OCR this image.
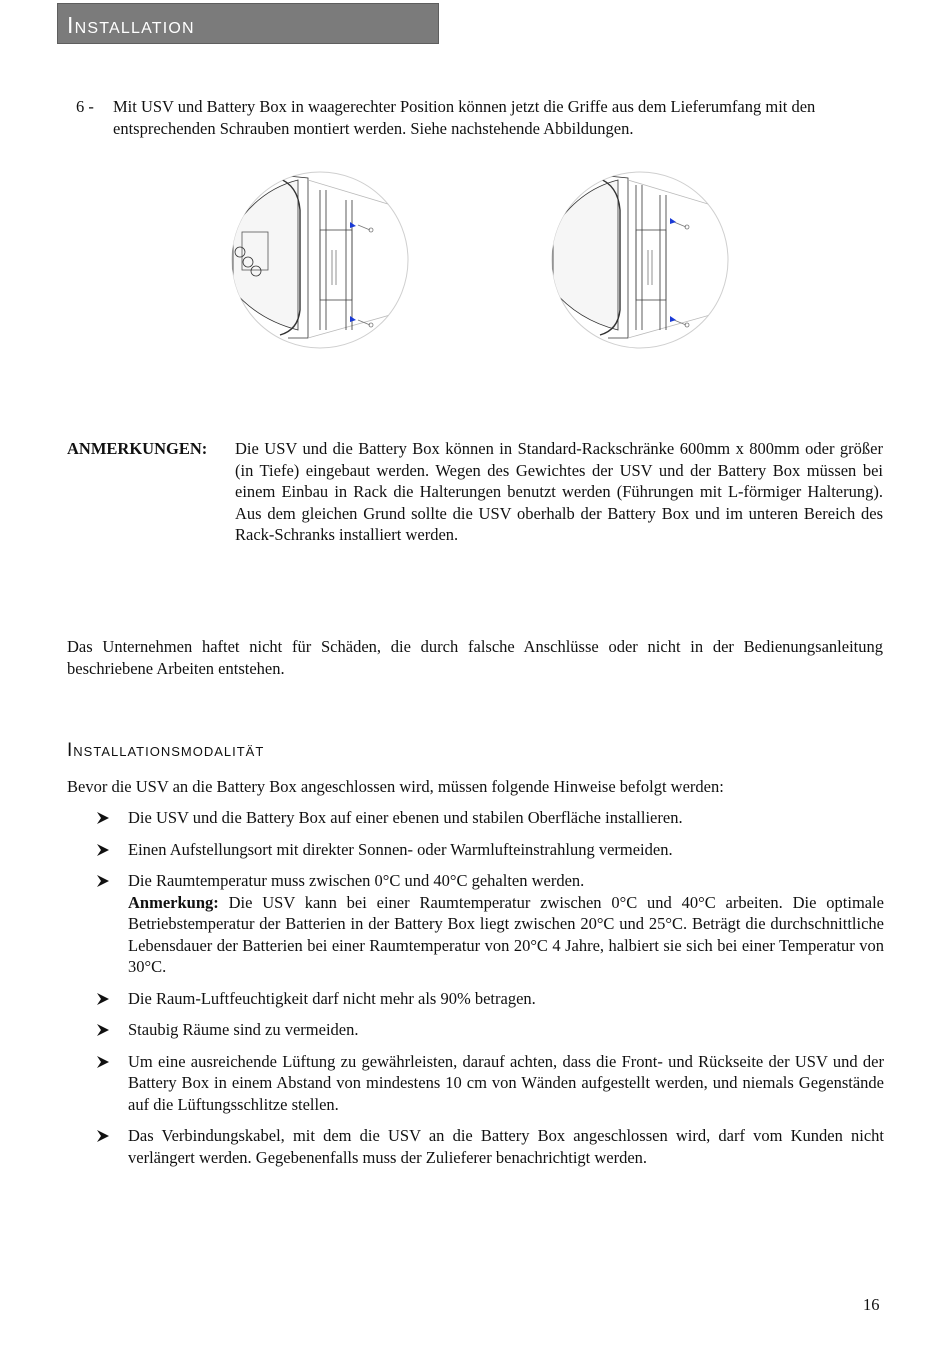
Installation
6 - Mit USV und Battery Box in waagerechter Position können jetzt die Griffe aus dem Lieferumfang mit den entsprechenden Schrauben montiert werden. Siehe nachstehende Abbildungen.
ANMERKUNGEN: Die USV und die Battery Box können in Standard-Rackschränke 600mm x 800mm oder größer (in Tiefe) eingebaut werden. Wegen des Gewichtes der USV und der Battery Box müssen bei einem Einbau in Rack die Halterungen benutzt werden (Führungen mit L-förmiger Halterung). Aus dem gleichen Grund sollte die USV oberhalb der Battery Box und im unteren Bereich des Rack-Schranks installiert werden.
Das Unternehmen haftet nicht für Schäden, die durch falsche Anschlüsse oder nicht in der Bedienungsanleitung beschriebene Arbeiten entstehen.
Installationsmodalität
Bevor die USV an die Battery Box angeschlossen wird, müssen folgende Hinweise befolgt werden:
Die USV und die Battery Box auf einer ebenen und stabilen Oberfläche installieren.
Einen Aufstellungsort mit direkter Sonnen- oder Warmlufteinstrahlung vermeiden.
Die Raumtemperatur muss zwischen 0°C und 40°C gehalten werden.
Anmerkung: Die USV kann bei einer Raumtemperatur zwischen 0°C und 40°C arbeiten. Die optimale Betriebstemperatur der Batterien in der Battery Box liegt zwischen 20°C und 25°C. Beträgt die durchschnittliche Lebensdauer der Batterien bei einer Raumtemperatur von 20°C 4 Jahre, halbiert sie sich bei einer Temperatur von 30°C.
Die Raum-Luftfeuchtigkeit darf nicht mehr als 90% betragen.
Staubig Räume sind zu vermeiden.
Um eine ausreichende Lüftung zu gewährleisten, darauf achten, dass die Front- und Rückseite der USV und der Battery Box in einem Abstand von mindestens 10 cm von Wänden aufgestellt werden, und niemals Gegenstände auf die Lüftungsschlitze stellen.
Das Verbindungskabel, mit dem die USV an die Battery Box angeschlossen wird, darf vom Kunden nicht verlängert werden. Gegebenenfalls muss der Zulieferer benachrichtigt werden.
16
